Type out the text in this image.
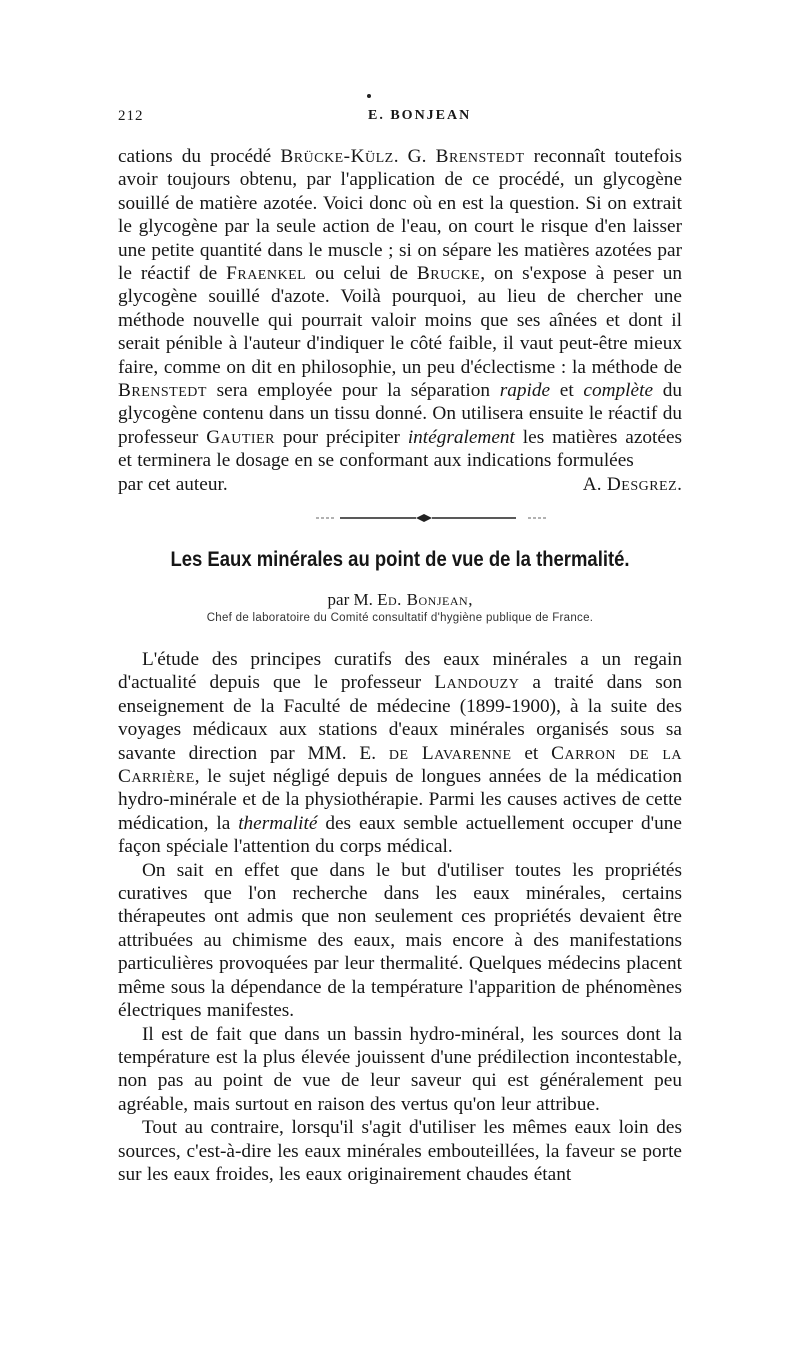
212	E. BONJEAN

cations du procédé Brücke-Külz. G. Brenstedt reconnaît toutefois avoir toujours obtenu, par l'application de ce procédé, un glycogène souillé de matière azotée. Voici donc où en est la question. Si on extrait le glycogène par la seule action de l'eau, on court le risque d'en laisser une petite quantité dans le muscle ; si on sépare les matières azotées par le réactif de Fraenkel ou celui de Brucke, on s'expose à peser un glycogène souillé d'azote. Voilà pourquoi, au lieu de chercher une méthode nouvelle qui pourrait valoir moins que ses aînées et dont il serait pénible à l'auteur d'indiquer le côté faible, il vaut peut-être mieux faire, comme on dit en philosophie, un peu d'éclectisme : la méthode de Brenstedt sera employée pour la séparation rapide et complète du glycogène contenu dans un tissu donné. On utilisera ensuite le réactif du professeur Gautier pour précipiter intégralement les matières azotées et terminera le dosage en se conformant aux indications formulées

par cet auteur.	A. Desgrez.
Les Eaux minérales au point de vue de la thermalité.
par M. Ed. Bonjean,
Chef de laboratoire du Comité consultatif d'hygiène publique de France.

L'étude des principes curatifs des eaux minérales a un regain d'actualité depuis que le professeur Landouzy a traité dans son enseignement de la Faculté de médecine (1899-1900), à la suite des voyages médicaux aux stations d'eaux minérales organisés sous sa savante direction par MM. E. de Lavarenne et Carron de la Carrière, le sujet négligé depuis de longues années de la médication hydro-minérale et de la physiothérapie. Parmi les causes actives de cette médication, la thermalité des eaux semble actuellement occuper d'une façon spéciale l'attention du corps médical.

On sait en effet que dans le but d'utiliser toutes les propriétés curatives que l'on recherche dans les eaux minérales, certains thérapeutes ont admis que non seulement ces propriétés devaient être attribuées au chimisme des eaux, mais encore à des manifestations particulières provoquées par leur thermalité. Quelques médecins placent même sous la dépendance de la température l'apparition de phénomènes électriques manifestes.

Il est de fait que dans un bassin hydro-minéral, les sources dont la température est la plus élevée jouissent d'une prédilection incontestable, non pas au point de vue de leur saveur qui est généralement peu agréable, mais surtout en raison des vertus qu'on leur attribue.

Tout au contraire, lorsqu'il s'agit d'utiliser les mêmes eaux loin des sources, c'est-à-dire les eaux minérales embouteillées, la faveur se porte sur les eaux froides, les eaux originairement chaudes étant
